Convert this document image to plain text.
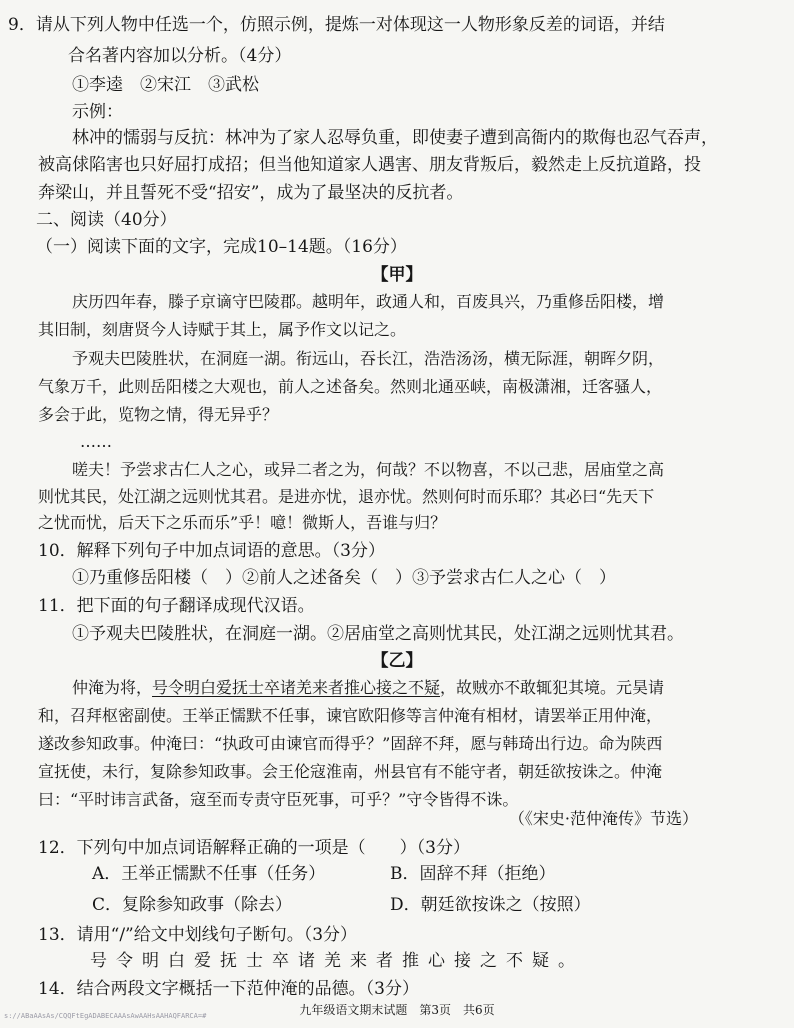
9．请从下列人物中任选一个，仿照示例，提炼一对体现这一人物形象反差的词语，并结
合名著内容加以分析。（4分）
①李逵　②宋江　③武松
示例：
林冲的懦弱与反抗：林冲为了家人忍辱负重，即使妻子遭到高衙内的欺侮也忍气吞声，
被高俅陷害也只好屈打成招；但当他知道家人遇害、朋友背叛后，毅然走上反抗道路，投
奔梁山，并且誓死不受“招安”，成为了最坚决的反抗者。
二、阅读（40分）
（一）阅读下面的文字，完成10–14题。（16分）
【甲】
庆历四年春，滕子京谪守巴陵郡。越明年，政通人和，百废具兴，乃重修岳阳楼，增
其旧制，刻唐贤今人诗赋于其上，属予作文以记之。
予观夫巴陵胜状，在洞庭一湖。衔远山，吞长江，浩浩汤汤，横无际涯，朝晖夕阴，
气象万千，此则岳阳楼之大观也，前人之述备矣。然则北通巫峡，南极潇湘，迁客骚人，
多会于此，览物之情，得无异乎？
……
嗟夫！予尝求古仁人之心，或异二者之为，何哉？不以物喜，不以己悲，居庙堂之高
则忧其民，处江湖之远则忧其君。是进亦忧，退亦忧。然则何时而乐耶？其必曰“先天下
之忧而忧，后天下之乐而乐”乎！噫！微斯人，吾谁与归？
10．解释下列句子中加点词语的意思。（3分）
①乃重修岳阳楼（　）②前人之述备矣（　）③予尝求古仁人之心（　）
11．把下面的句子翻译成现代汉语。
①予观夫巴陵胜状，在洞庭一湖。②居庙堂之高则忧其民，处江湖之远则忧其君。
【乙】
仲淹为将，号令明白爱抚士卒诸羌来者推心接之不疑，故贼亦不敢辄犯其境。元昊请
和，召拜枢密副使。王举正懦默不任事，谏官欧阳修等言仲淹有相材，请罢举正用仲淹，
遂改参知政事。仲淹曰：“执政可由谏官而得乎？”固辞不拜，愿与韩琦出行边。命为陕西
宣抚使，未行，复除参知政事。会王伦寇淮南，州县官有不能守者，朝廷欲按诛之。仲淹
曰：“平时讳言武备，寇至而专责守臣死事，可乎？”守令皆得不诛。
（《宋史·范仲淹传》节选）
12．下列句中加点词语解释正确的一项是（　　）（3分）
A．王举正懦默不任事（任务）	B．固辞不拜（拒绝）
C．复除参知政事（除去）	D．朝廷欲按诛之（按照）
13．请用“/”给文中划线句子断句。（3分）
号令明白爱抚士卒诸羌来者推心接之不疑。
14．结合两段文字概括一下范仲淹的品德。（3分）
九年级语文期末试题　第3页　共6页
s://ABaAAsAs/CQQFtEgADABECAAAsAwAAHsAAHAQFARCA=#
